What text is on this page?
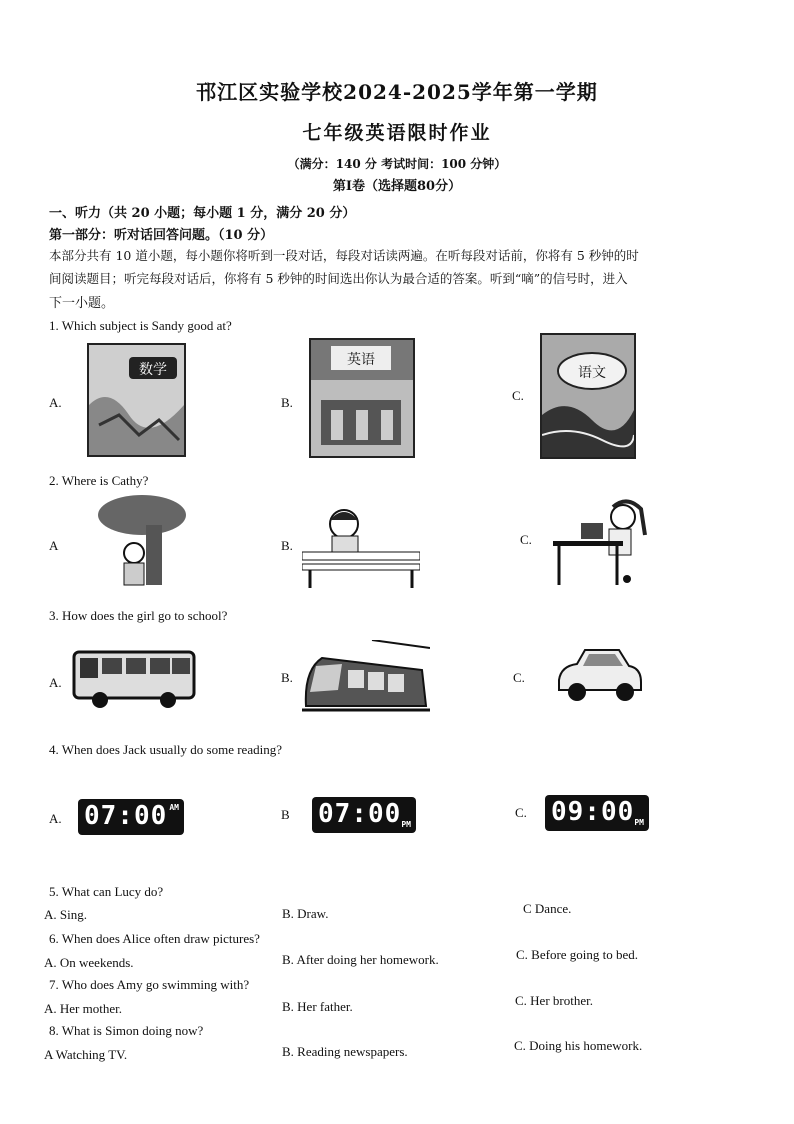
邗江区实验学校2024-2025学年第一学期
七年级英语限时作业
（满分：140 分 考试时间：100 分钟）
第Ⅰ卷（选择题80分）
一、听力（共 20 小题；每小题 1 分，满分 20 分）
第一部分：听对话回答问题。（10 分）
本部分共有 10 道小题，每小题你将听到一段对话，每段对话读两遍。在听每段对话前，你将有 5 秒钟的时
间阅读题目；听完每段对话后，你将有 5 秒钟的时间选出你认为最合适的答案。听到“嘀”的信号时，进入
下一小题。
1. Which subject is Sandy good at?
A.
数学
B.
英语
C.
语文
2. Where is Cathy?
A	B.	C.
3. How does the girl go to school?
A.	B.	C.
4. When does Jack usually do some reading?
A. 07:00 AM	B 07:00 PM
C. 09:00 PM
5. What can Lucy do?
A. Sing.	B. Draw.	C Dance.
6. When does Alice often draw pictures?
A. On weekends.	B. After doing her homework.	C. Before going to bed.
7. Who does Amy go swimming with?
A. Her mother.	B. Her father.	C. Her brother.
8. What is Simon doing now?
A Watching TV.	B. Reading newspapers.	C. Doing his homework.
